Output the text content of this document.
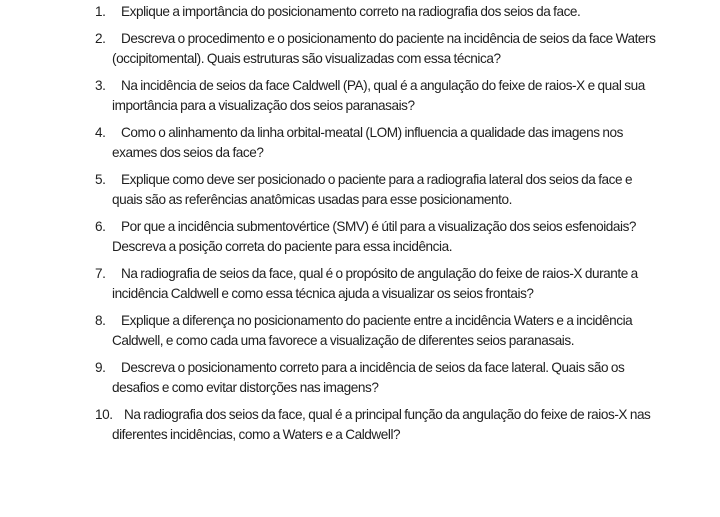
1.	Explique a importância do posicionamento correto na radiografia dos seios da face.
2.	Descreva o procedimento e o posicionamento do paciente na incidência de seios da face Waters (occipitomental). Quais estruturas são visualizadas com essa técnica?
3.	Na incidência de seios da face Caldwell (PA), qual é a angulação do feixe de raios-X e qual sua importância para a visualização dos seios paranasais?
4.	Como o alinhamento da linha orbital-meatal (LOM) influencia a qualidade das imagens nos exames dos seios da face?
5.	Explique como deve ser posicionado o paciente para a radiografia lateral dos seios da face e quais são as referências anatômicas usadas para esse posicionamento.
6.	Por que a incidência submentovértice (SMV) é útil para a visualização dos seios esfenoidais? Descreva a posição correta do paciente para essa incidência.
7.	Na radiografia de seios da face, qual é o propósito de angulação do feixe de raios-X durante a incidência Caldwell e como essa técnica ajuda a visualizar os seios frontais?
8.	Explique a diferença no posicionamento do paciente entre a incidência Waters e a incidência Caldwell, e como cada uma favorece a visualização de diferentes seios paranasais.
9.	Descreva o posicionamento correto para a incidência de seios da face lateral. Quais são os desafios e como evitar distorções nas imagens?
10. Na radiografia dos seios da face, qual é a principal função da angulação do feixe de raios-X nas diferentes incidências, como a Waters e a Caldwell?
